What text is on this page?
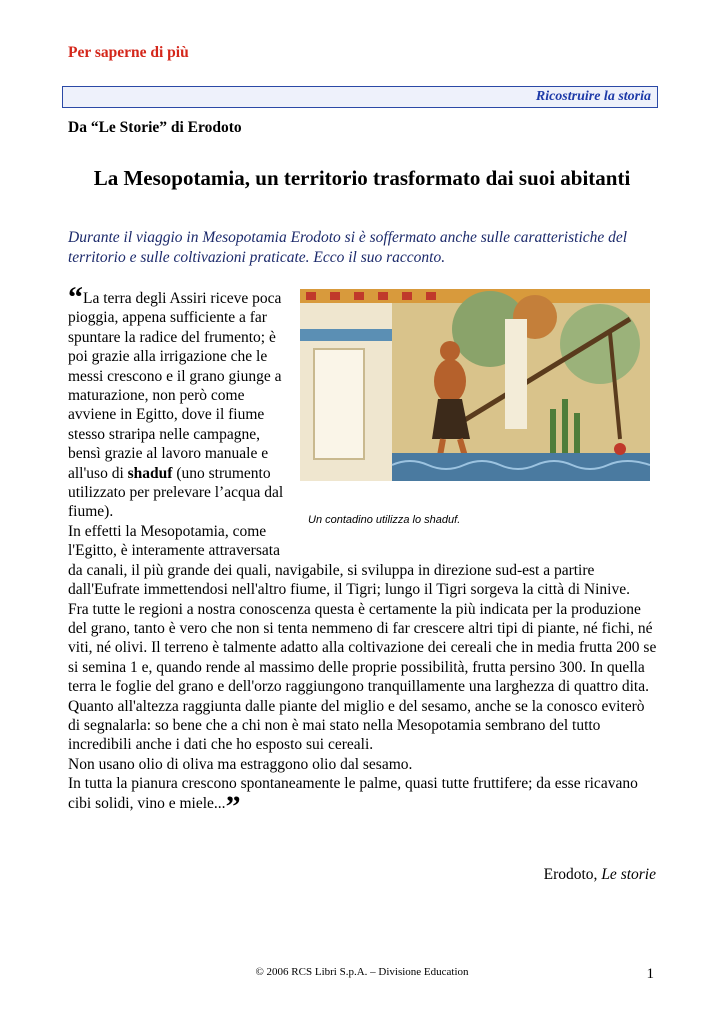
Per saperne di più
Ricostruire la storia
Da “Le Storie” di Erodoto
La Mesopotamia, un territorio trasformato dai suoi abitanti
Durante il viaggio in Mesopotamia Erodoto si è soffermato anche sulle caratteristiche del territorio e sulle coltivazioni praticate. Ecco il suo racconto.
Un contadino utilizza lo shaduf.
“La terra degli Assiri riceve poca pioggia, appena sufficiente a far spuntare la radice del frumento; è poi grazie alla irrigazione che le messi crescono e il grano giunge a maturazione, non però come avviene in Egitto, dove il fiume stesso straripa nelle campagne, bensì grazie al lavoro manuale e all'uso di shaduf (uno strumento utilizzato per prelevare l’acqua dal fiume).
In effetti la Mesopotamia, come l'Egitto, è interamente attraversata da canali, il più grande dei quali, navigabile, si sviluppa in direzione sud-est a partire dall'Eufrate immettendosi nell'altro fiume, il Tigri; lungo il Tigri sorgeva la città di Ninive.
Fra tutte le regioni a nostra conoscenza questa è certamente la più indicata per la produzione del grano, tanto è vero che non si tenta nemmeno di far crescere altri tipi di piante, né fichi, né viti, né olivi. Il terreno è talmente adatto alla coltivazione dei cereali che in media frutta 200 se si semina 1 e, quando rende al massimo delle proprie possibilità, frutta persino 300. In quella terra le foglie del grano e dell'orzo raggiungono tranquillamente una larghezza di quattro dita. Quanto all'altezza raggiunta dalle piante del miglio e del sesamo, anche se la conosco eviterò di segnalarla: so bene che a chi non è mai stato nella Mesopotamia sembrano del tutto incredibili anche i dati che ho esposto sui cereali.
Non usano olio di oliva ma estraggono olio dal sesamo.
In tutta la pianura crescono spontaneamente le palme, quasi tutte fruttifere; da esse ricavano cibi solidi, vino e miele...”
Erodoto, Le storie
© 2006 RCS Libri S.p.A. – Divisione Education	1
